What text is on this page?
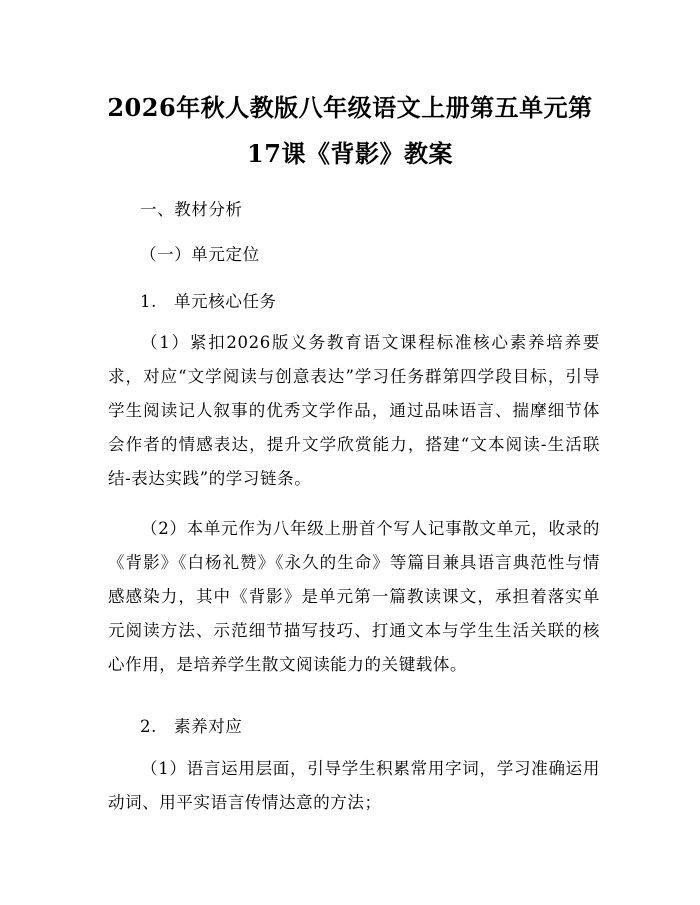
2026年秋人教版八年级语文上册第五单元第
17课《背影》教案
一、教材分析
（一）单元定位
1.　单元核心任务

（1）紧扣2026版义务教育语文课程标准核心素养培养要求，对应“文学阅读与创意表达”学习任务群第四学段目标，引导学生阅读记人叙事的优秀文学作品，通过品味语言、揣摩细节体会作者的情感表达，提升文学欣赏能力，搭建“文本阅读-生活联结-表达实践”的学习链条。

（2）本单元作为八年级上册首个写人记事散文单元，收录的《背影》《白杨礼赞》《永久的生命》等篇目兼具语言典范性与情感感染力，其中《背影》是单元第一篇教读课文，承担着落实单元阅读方法、示范细节描写技巧、打通文本与学生生活关联的核心作用，是培养学生散文阅读能力的关键载体。

2.　素养对应

（1）语言运用层面，引导学生积累常用字词，学习准确运用动词、用平实语言传情达意的方法；
